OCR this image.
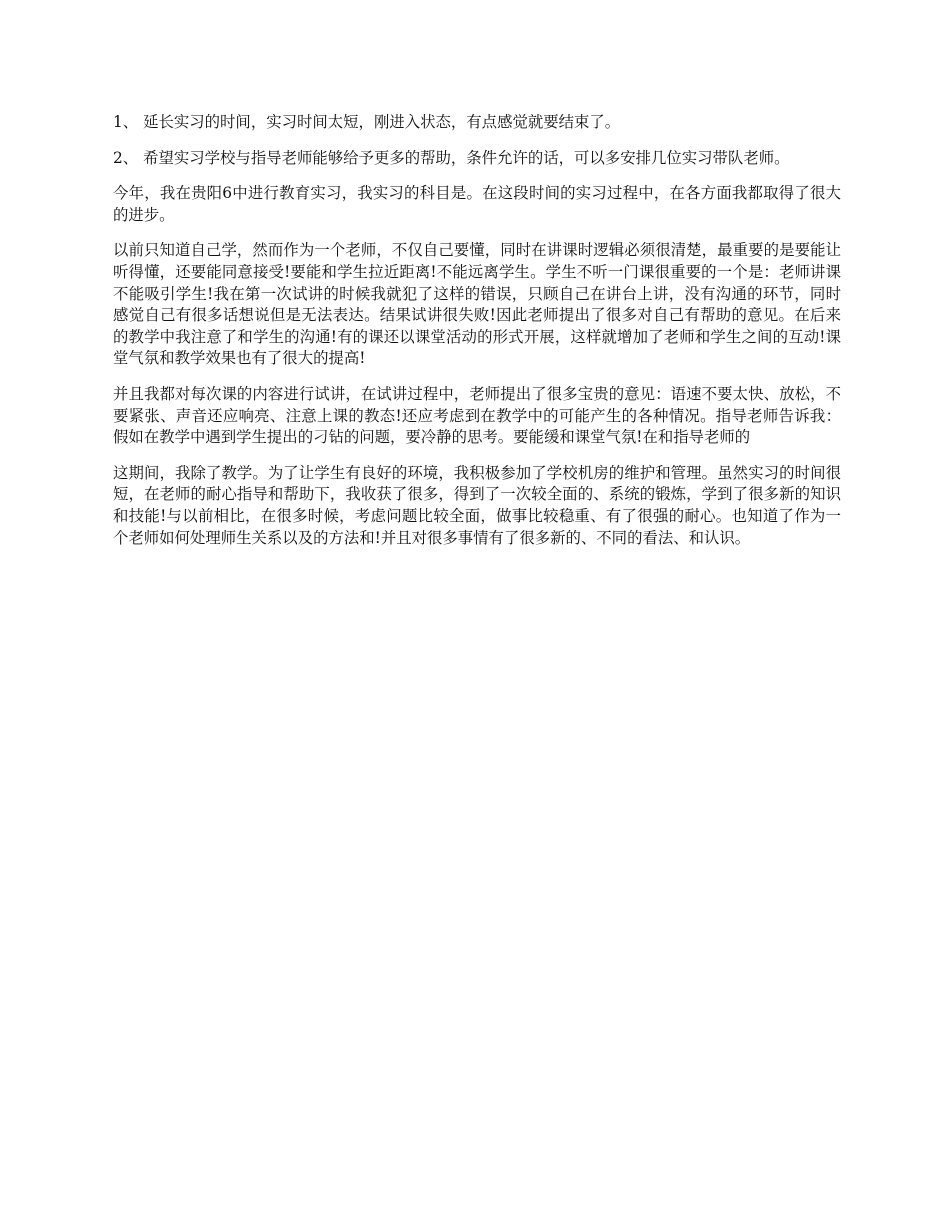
1、 延长实习的时间，实习时间太短，刚进入状态，有点感觉就要结束了。
2、 希望实习学校与指导老师能够给予更多的帮助，条件允许的话，可以多安排几位实习带队老师。

今年，我在贵阳6中进行教育实习，我实习的科目是。在这段时间的实习过程中，在各方面我都取得了很大的进步。

以前只知道自己学，然而作为一个老师，不仅自己要懂，同时在讲课时逻辑必须很清楚，最重要的是要能让听得懂，还要能同意接受!要能和学生拉近距离!不能远离学生。学生不听一门课很重要的一个是：老师讲课不能吸引学生!我在第一次试讲的时候我就犯了这样的错误，只顾自己在讲台上讲，没有沟通的环节，同时感觉自己有很多话想说但是无法表达。结果试讲很失败!因此老师提出了很多对自己有帮助的意见。在后来的教学中我注意了和学生的沟通!有的课还以课堂活动的形式开展，这样就增加了老师和学生之间的互动!课堂气氛和教学效果也有了很大的提高!

并且我都对每次课的内容进行试讲，在试讲过程中，老师提出了很多宝贵的意见：语速不要太快、放松，不要紧张、声音还应响亮、注意上课的教态!还应考虑到在教学中的可能产生的各种情况。指导老师告诉我：假如在教学中遇到学生提出的刁钻的问题，要冷静的思考。要能缓和课堂气氛!在和指导老师的

这期间，我除了教学。为了让学生有良好的环境，我积极参加了学校机房的维护和管理。虽然实习的时间很短，在老师的耐心指导和帮助下，我收获了很多，得到了一次较全面的、系统的锻炼，学到了很多新的知识和技能!与以前相比，在很多时候，考虑问题比较全面，做事比较稳重、有了很强的耐心。也知道了作为一个老师如何处理师生关系以及的方法和!并且对很多事情有了很多新的、不同的看法、和认识。
